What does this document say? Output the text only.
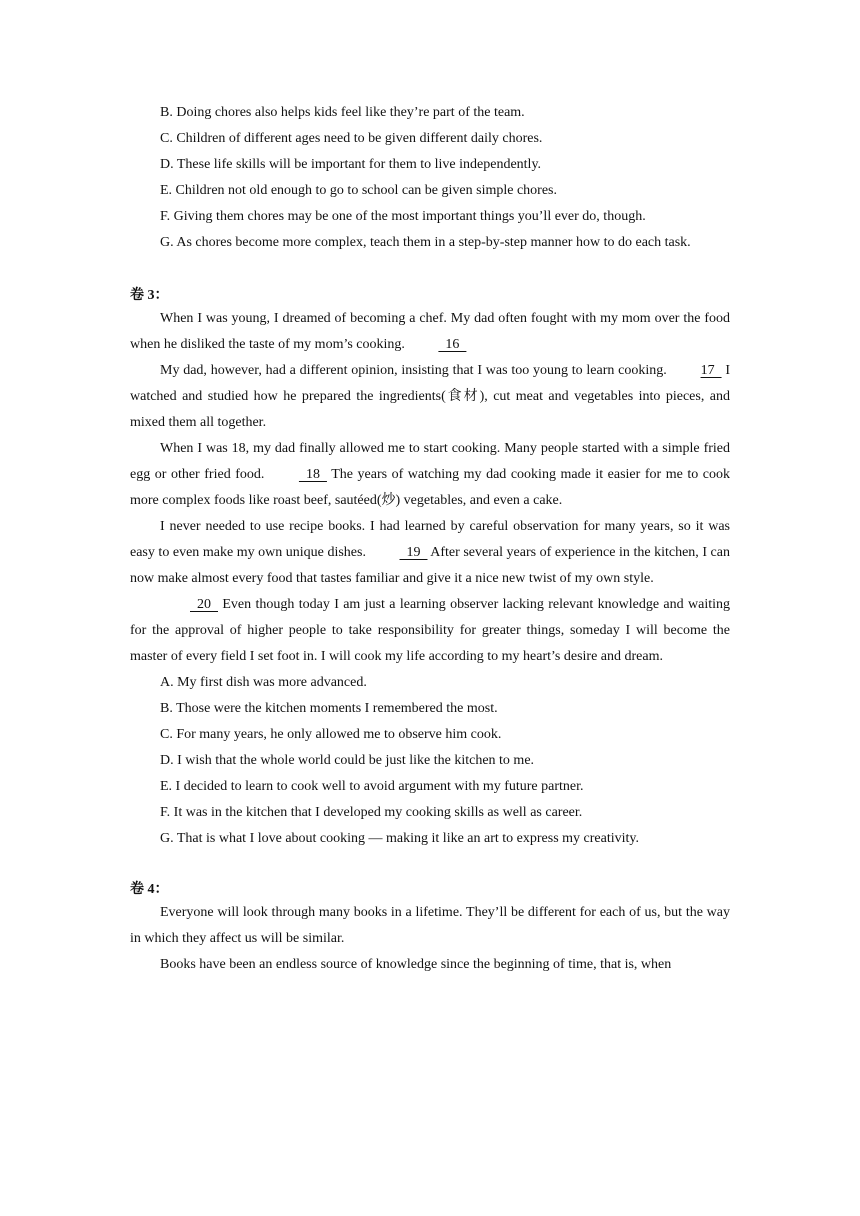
B. Doing chores also helps kids feel like they’re part of the team.

C. Children of different ages need to be given different daily chores.

D. These life skills will be important for them to live independently.

E. Children not old enough to go to school can be given simple chores.

F. Giving them chores may be one of the most important things you’ll ever do, though.

G. As chores become more complex, teach them in a step-by-step manner how to do each task.

卷 3：

When I was young, I dreamed of becoming a chef. My dad often fought with my mom over the food when he disliked the taste of my mom’s cooking.   16

My dad, however, had a different opinion, insisting that I was too young to learn cooking. 17   I watched and studied how he prepared the ingredients(食材), cut meat and vegetables into pieces, and mixed them all together.

When I was 18, my dad finally allowed me to start cooking. Many people started with a simple fried egg or other fried food.   18   The years of watching my dad cooking made it easier for me to cook more complex foods like roast beef, sautéed(炒) vegetables, and even a cake.

I never needed to use recipe books. I had learned by careful observation for many years, so it was easy to even make my own unique dishes.   19   After several years of experience in the kitchen, I can now make almost every food that tastes familiar and give it a nice new twist of my own style.

20   Even though today I am just a learning observer lacking relevant knowledge and waiting for the approval of higher people to take responsibility for greater things, someday I will become the master of every field I set foot in. I will cook my life according to my heart’s desire and dream.

A. My first dish was more advanced.

B. Those were the kitchen moments I remembered the most.

C. For many years, he only allowed me to observe him cook.

D. I wish that the whole world could be just like the kitchen to me.

E. I decided to learn to cook well to avoid argument with my future partner.

F. It was in the kitchen that I developed my cooking skills as well as career.

G. That is what I love about cooking — making it like an art to express my creativity.

卷 4：

Everyone will look through many books in a lifetime. They’ll be different for each of us, but the way in which they affect us will be similar.

Books have been an endless source of knowledge since the beginning of time, that is, when
